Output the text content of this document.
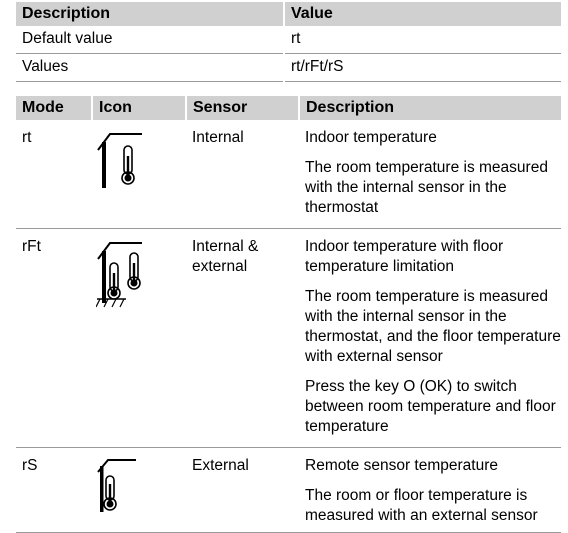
Description	Value
Default value	rt
Values	rt/rFt/rS
Mode	Icon	Sensor	Description
rt		Internal	Indoor temperature

The room temperature is measured with the internal sensor in the thermostat

rFt		Internal & external	Indoor temperature with floor temperature limitation

The room temperature is measured with the internal sensor in the thermostat, and the floor temperature with external sensor

Press the key O (OK) to switch between room temperature and floor temperature

rS		External	Remote sensor temperature

The room or floor temperature is measured with an external sensor
